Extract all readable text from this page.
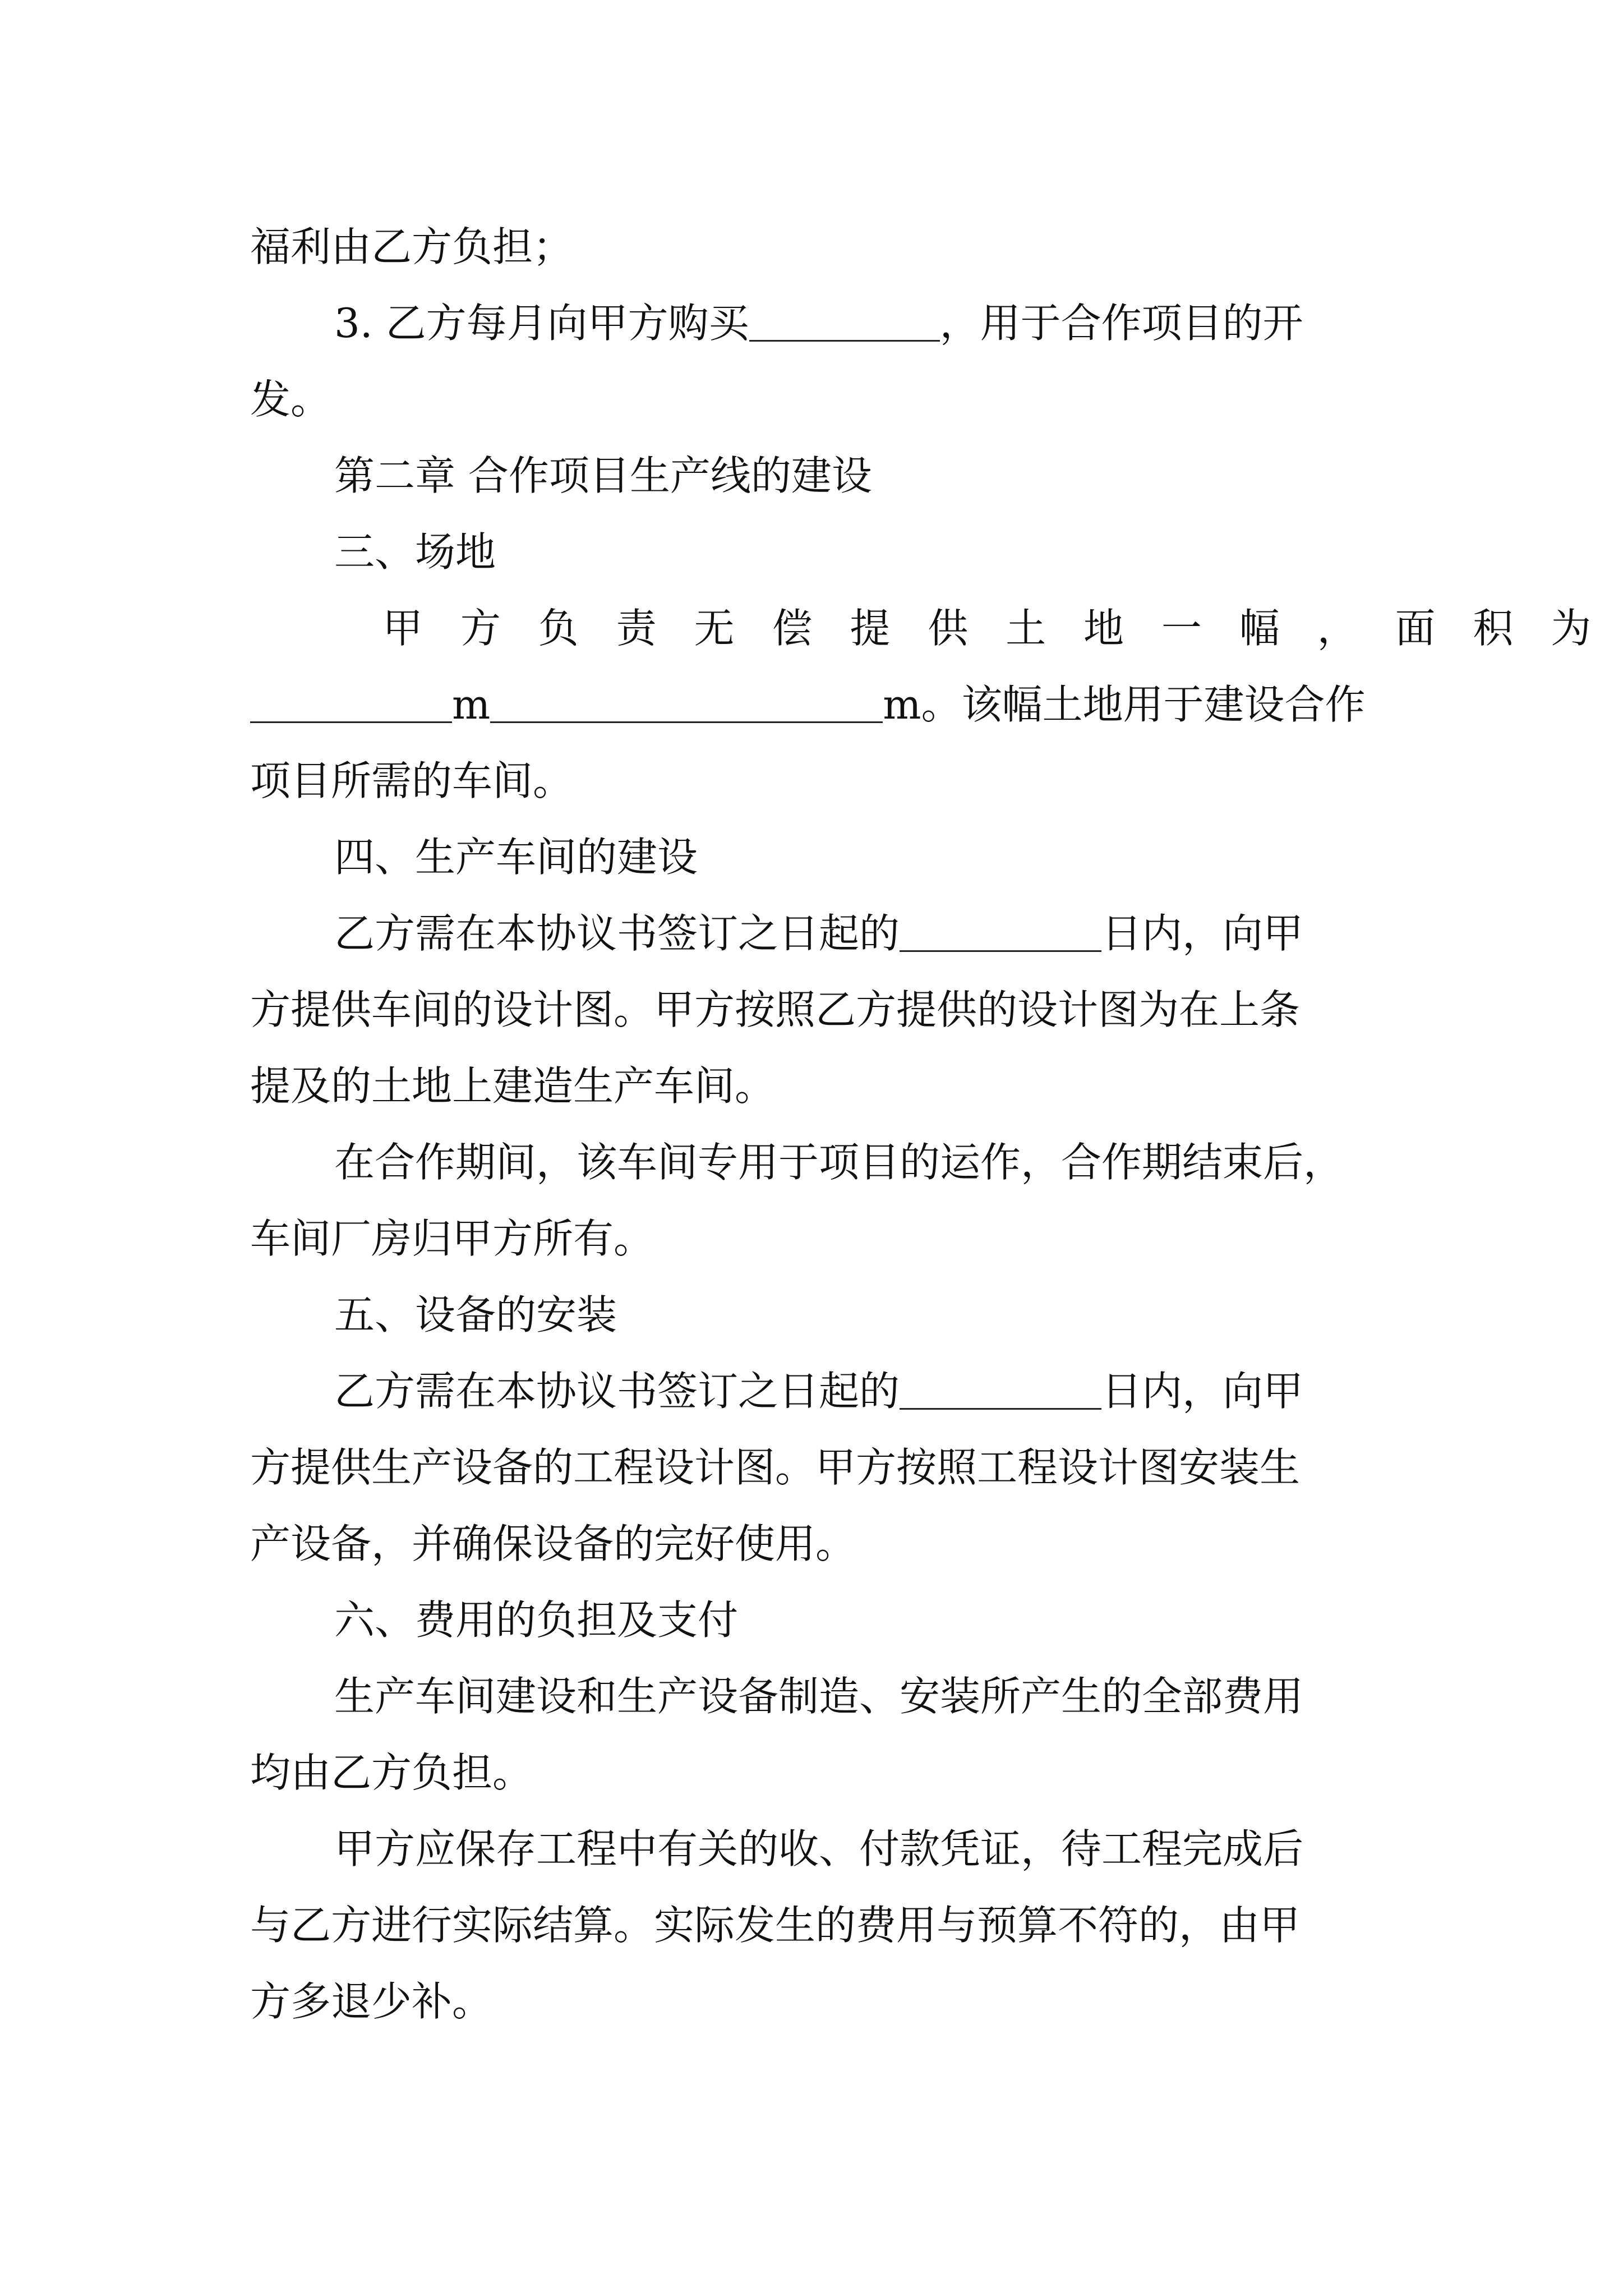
福利由乙方负担；
3. 乙方每月向甲方购买	，用于合作项目的开
发。
第二章 合作项目生产线的建设
三、场地
甲 方 负 责 无 偿 提 供 土 地 一 幅 ， 面 积 为
m	m。该幅土地用于建设合作
项目所需的车间。
四、生产车间的建设
乙方需在本协议书签订之日起的	日内，向甲
方提供车间的设计图。甲方按照乙方提供的设计图为在上条
提及的土地上建造生产车间。
在合作期间，该车间专用于项目的运作，合作期结束后，
车间厂房归甲方所有。
五、设备的安装
乙方需在本协议书签订之日起的	日内，向甲
方提供生产设备的工程设计图。甲方按照工程设计图安装生
产设备，并确保设备的完好使用。
六、费用的负担及支付
生产车间建设和生产设备制造、安装所产生的全部费用
均由乙方负担。
甲方应保存工程中有关的收、付款凭证，待工程完成后
与乙方进行实际结算。实际发生的费用与预算不符的，由甲
方多退少补。
